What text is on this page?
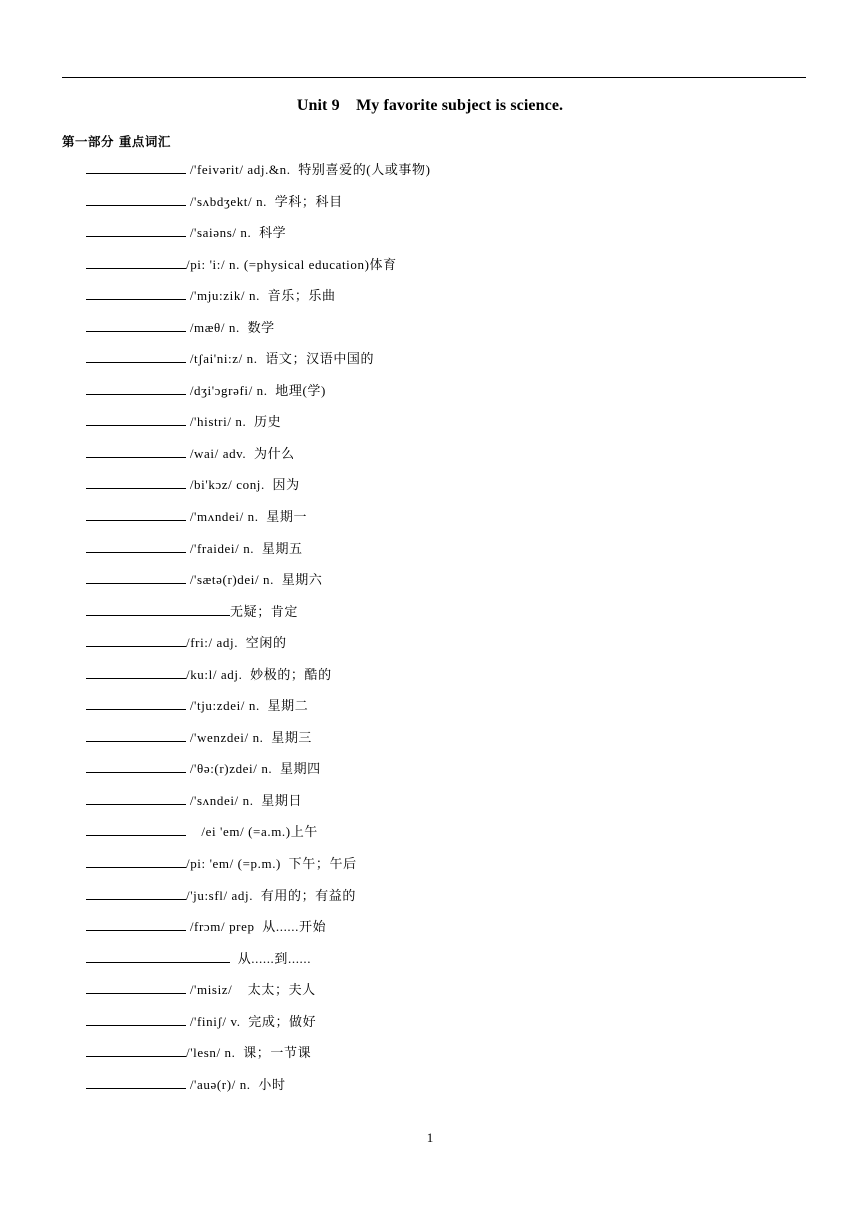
Unit 9    My favorite subject is science.
第一部分 重点词汇
/'feivərit/ adj.&n.  特别喜爱的(人或事物)
/'sʌbdʒekt/ n.  学科；科目
/'saiəns/ n.  科学
/pi: 'i:/ n. (=physical education)体育
/'mju:zik/ n.  音乐；乐曲
/mæθ/ n.  数学
/tʃai'ni:z/ n.  语文；汉语中国的
/dʒi'ɔgrəfi/ n.  地理(学)
/'histri/ n.  历史
/wai/ adv.  为什么
/bi'kɔz/ conj.  因为
/'mʌndei/ n.  星期一
/'fraidei/ n.  星期五
/'sætə(r)dei/ n.  星期六
无疑；肯定
/fri:/ adj.  空闲的
/ku:l/ adj.  妙极的；酷的
/'tju:zdei/ n.  星期二
/'wenzdei/ n.  星期三
/'θə:(r)zdei/ n.  星期四
/'sʌndei/ n.  星期日
/ei 'em/ (=a.m.)上午
/pi: 'em/ (=p.m.)  下午；午后
/'ju:sfl/ adj.  有用的；有益的
/frɔm/ prep  从......开始
从......到......
/'misiz/    太太；夫人
/'finiʃ/ v.  完成；做好
/'lesn/ n.  课；一节课
/'auə(r)/ n.  小时
1
